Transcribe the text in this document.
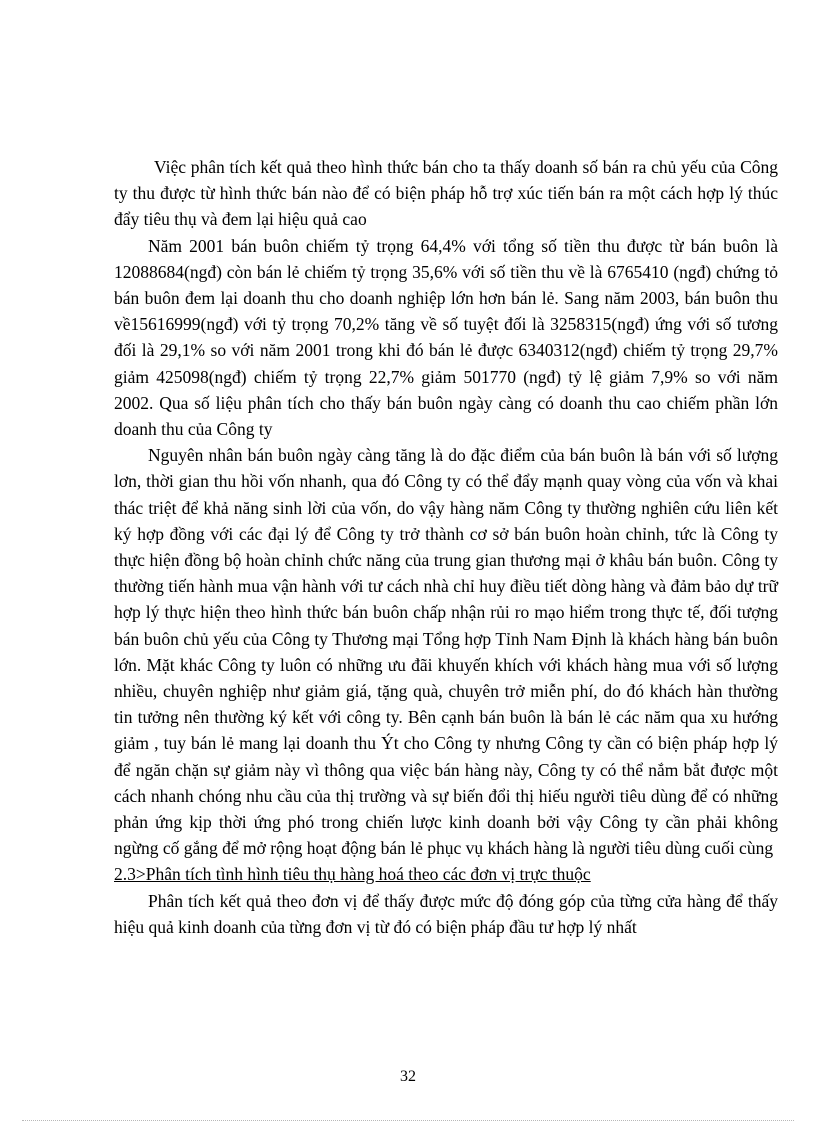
Việc phân tích kết quả theo hình thức bán cho ta thấy doanh số bán ra chủ yếu của Công ty thu được từ hình thức bán nào để có biện pháp hỗ trợ xúc tiến bán ra một cách hợp lý thúc đẩy tiêu thụ và đem lại hiệu quả cao

Năm 2001 bán buôn chiếm tỷ trọng 64,4% với tổng số tiền thu được từ bán buôn là 12088684(ngđ) còn bán lẻ chiếm tỷ trọng 35,6% với số tiền thu về là 6765410 (ngđ) chứng tỏ bán buôn đem lại doanh thu cho doanh nghiệp lớn hơn bán lẻ. Sang năm 2003, bán buôn thu về15616999(ngđ) với tỷ trọng 70,2% tăng về số tuyệt đối là 3258315(ngđ) ứng với số tương đối là 29,1% so với năm 2001 trong khi đó bán lẻ được 6340312(ngđ) chiếm tỷ trọng 29,7% giảm 425098(ngđ) chiếm tỷ trọng 22,7% giảm 501770 (ngđ) tỷ lệ giảm 7,9% so với năm 2002. Qua số liệu phân tích cho thấy bán buôn ngày càng có doanh thu cao chiếm phần lớn doanh thu của Công ty

Nguyên nhân bán buôn ngày càng tăng là do đặc điểm của bán buôn là bán với số lượng lơn, thời gian thu hồi vốn nhanh, qua đó Công ty có thể đẩy mạnh quay vòng của vốn và khai thác triệt để khả năng sinh lời của vốn, do vậy hàng năm Công ty thường nghiên cứu liên kết ký hợp đồng với các đại lý để Công ty trở thành cơ sở bán buôn hoàn chỉnh, tức là Công ty thực hiện đồng bộ hoàn chỉnh chức năng của trung gian thương mại ở khâu bán buôn. Công ty thường tiến hành mua vận hành với tư cách nhà chỉ huy điều tiết dòng hàng và đảm bảo dự trữ hợp lý thực hiện theo hình thức bán buôn chấp nhận rủi ro mạo hiểm trong thực tế, đối tượng bán buôn chủ yếu của Công ty Thương mại Tổng hợp Tỉnh Nam Định là khách hàng bán buôn lớn. Mặt khác Công ty luôn có những ưu đãi khuyến khích với khách hàng mua với số lượng nhiều, chuyên nghiệp như giảm giá, tặng quà, chuyên trở miễn phí, do đó khách hàn thường tin tưởng nên thường ký kết với công ty. Bên cạnh bán buôn là bán lẻ các năm qua xu hướng giảm , tuy bán lẻ mang lại doanh thu Ýt cho Công ty nhưng Công ty cần có biện pháp hợp lý để ngăn chặn sự giảm này vì thông qua việc bán hàng này, Công ty có thể nắm bắt được một cách nhanh chóng nhu cầu của thị trường và sự biến đổi thị hiếu người tiêu dùng để có những phản ứng kịp thời ứng phó trong chiến lược kinh doanh bởi vậy Công ty cần phải không ngừng cố gắng để mở rộng hoạt động bán lẻ phục vụ khách hàng là người tiêu dùng cuối cùng

2.3>Phân tích tình hình tiêu thụ hàng hoá theo các đơn vị trực thuộc

Phân tích kết quả theo đơn vị để thấy được mức độ đóng góp của từng cửa hàng để thấy hiệu quả kinh doanh của từng đơn vị từ đó có biện pháp đầu tư hợp lý nhất

32
